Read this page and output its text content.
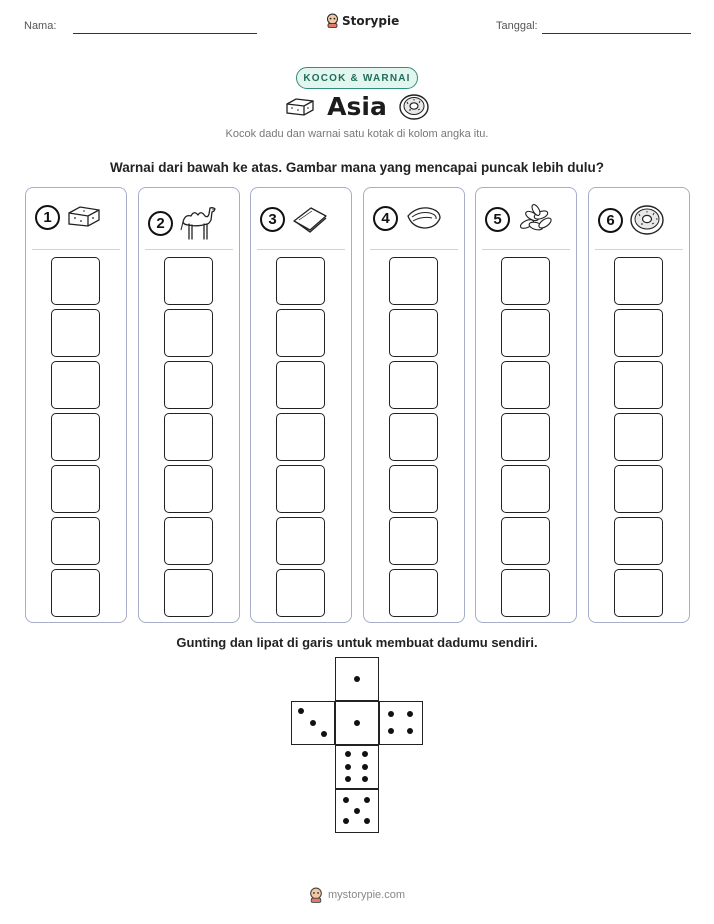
Nama:	Storypie	Tanggal:
KOCOK & WARNAI
Asia
Kocok dadu dan warnai satu kotak di kolom angka itu.
Warnai dari bawah ke atas. Gambar mana yang mencapai puncak lebih dulu?
1	2	3	4	5	6
Gunting dan lipat di garis untuk membuat dadumu sendiri.
mystorypie.com
